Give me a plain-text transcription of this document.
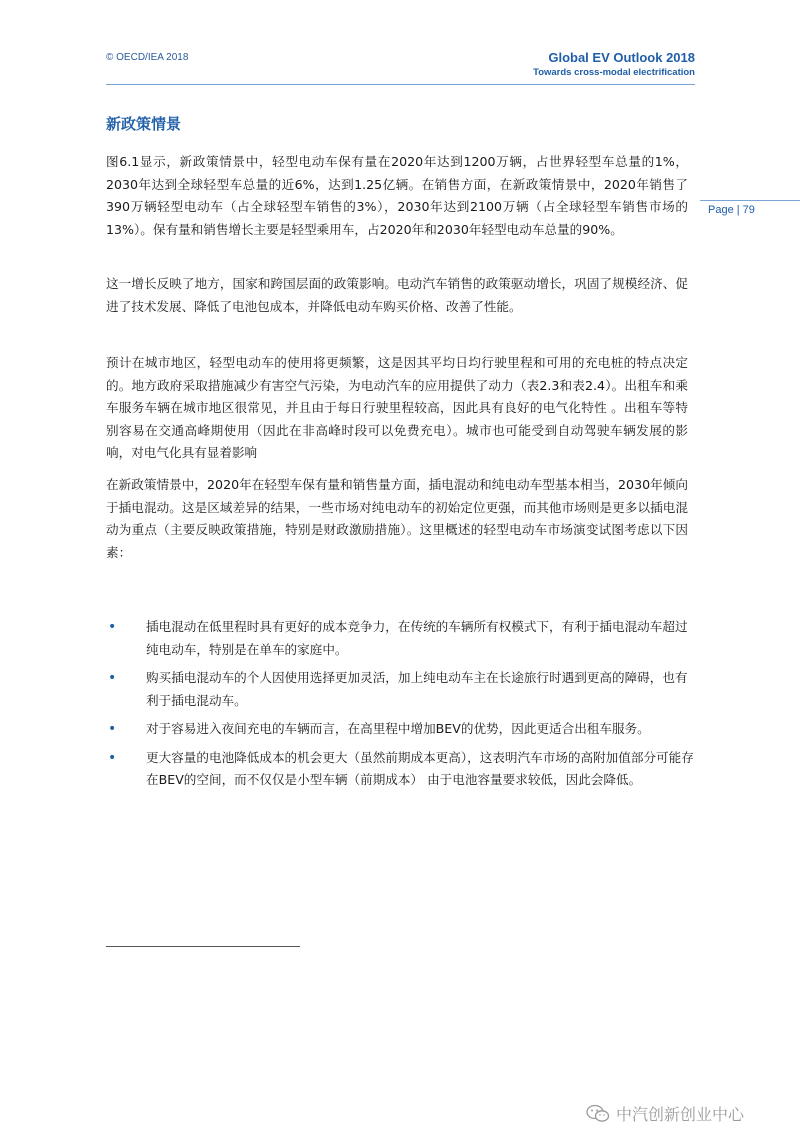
© OECD/IEA 2018	Global EV Outlook 2018
Towards cross-modal electrification
Page | 79
新政策情景

图6.1显示，新政策情景中，轻型电动车保有量在2020年达到1200万辆，占世界轻型车总量的1%，2030年达到全球轻型车总量的近6%，达到1.25亿辆。在销售方面，在新政策情景中，2020年销售了390万辆轻型电动车（占全球轻型车销售的3%），2030年达到2100万辆（占全球轻型车销售市场的13%）。保有量和销售增长主要是轻型乘用车，占2020年和2030年轻型电动车总量的90%。

这一增长反映了地方，国家和跨国层面的政策影响。电动汽车销售的政策驱动增长，巩固了规模经济、促进了技术发展、降低了电池包成本，并降低电动车购买价格、改善了性能。

预计在城市地区，轻型电动车的使用将更频繁，这是因其平均日均行驶里程和可用的充电桩的特点决定的。地方政府采取措施减少有害空气污染，为电动汽车的应用提供了动力（表2.3和表2.4）。出租车和乘车服务车辆在城市地区很常见，并且由于每日行驶里程较高，因此具有良好的电气化特性 。出租车等特别容易在交通高峰期使用（因此在非高峰时段可以免费充电）。城市也可能受到自动驾驶车辆发展的影响，对电气化具有显着影响

在新政策情景中，2020年在轻型车保有量和销售量方面，插电混动和纯电动车型基本相当，2030年倾向于插电混动。这是区域差异的结果，一些市场对纯电动车的初始定位更强，而其他市场则是更多以插电混动为重点（主要反映政策措施，特别是财政激励措施）。这里概述的轻型电动车市场演变试图考虑以下因素：

• 插电混动在低里程时具有更好的成本竞争力，在传统的车辆所有权模式下，有利于插电混动车超过纯电动车，特别是在单车的家庭中。
• 购买插电混动车的个人因使用选择更加灵活，加上纯电动车主在长途旅行时遇到更高的障碍，也有利于插电混动车。
• 对于容易进入夜间充电的车辆而言，在高里程中增加BEV的优势，因此更适合出租车服务。
• 更大容量的电池降低成本的机会更大（虽然前期成本更高），这表明汽车市场的高附加值部分可能存在BEV的空间，而不仅仅是小型车辆（前期成本） 由于电池容量要求较低，因此会降低。
中汽创新创业中心
